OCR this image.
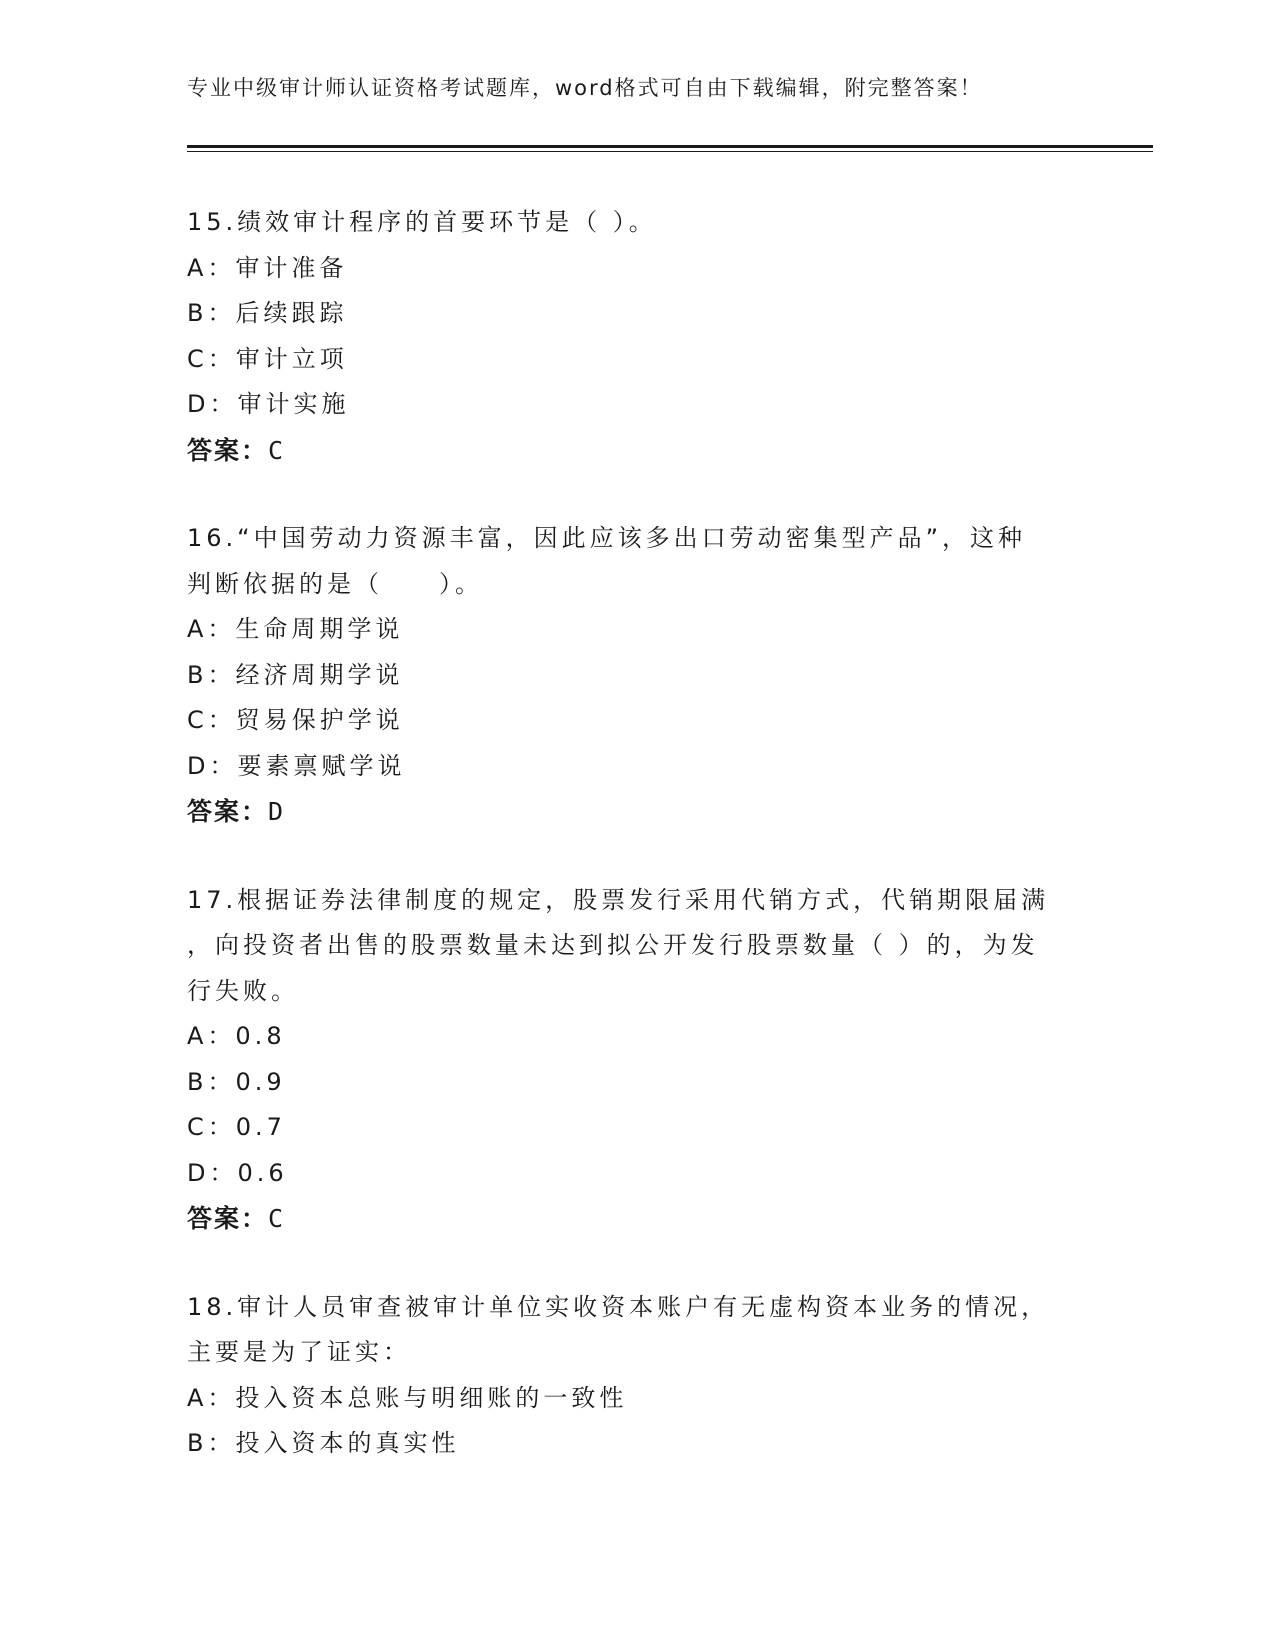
专业中级审计师认证资格考试题库，word格式可自由下载编辑，附完整答案！
15.绩效审计程序的首要环节是（ ）。
A：审计准备
B：后续跟踪
C：审计立项
D：审计实施
答案：C
16.“中国劳动力资源丰富，因此应该多出口劳动密集型产品”，这种
判断依据的是（　　）。
A：生命周期学说
B：经济周期学说
C：贸易保护学说
D：要素禀赋学说
答案：D
17.根据证券法律制度的规定，股票发行采用代销方式，代销期限届满
，向投资者出售的股票数量未达到拟公开发行股票数量（ ）的，为发
行失败。
A：0.8
B：0.9
C：0.7
D：0.6
答案：C
18.审计人员审查被审计单位实收资本账户有无虚构资本业务的情况，
主要是为了证实：
A：投入资本总账与明细账的一致性
B：投入资本的真实性
